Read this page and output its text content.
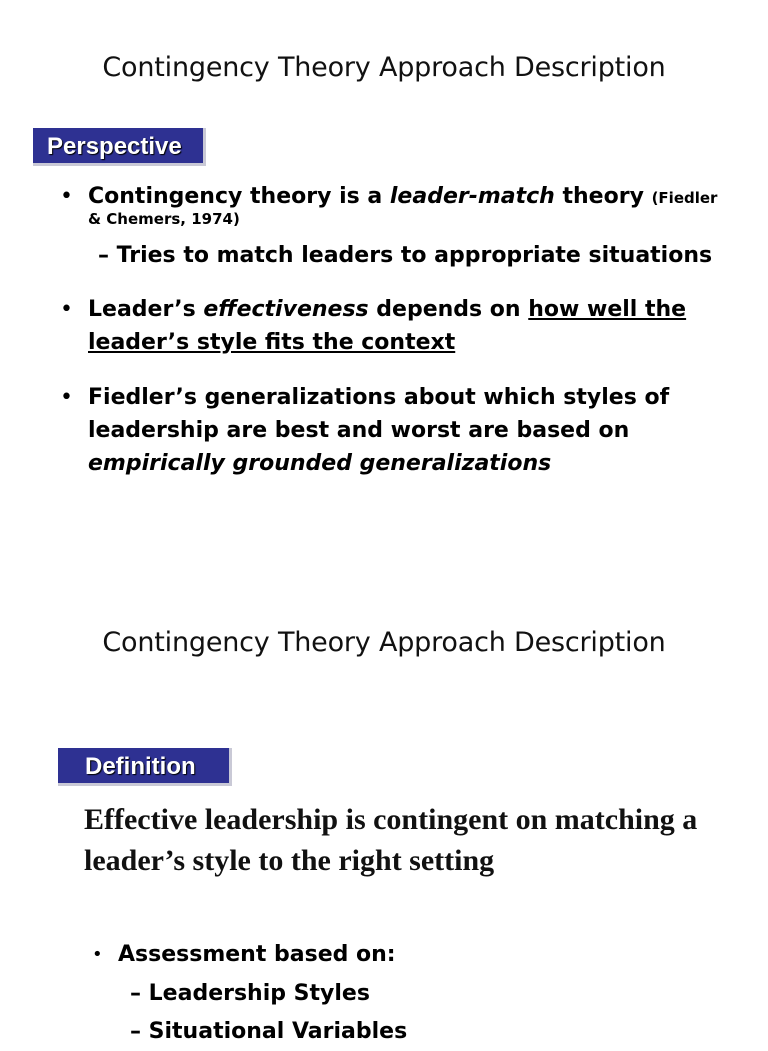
Contingency Theory Approach Description
Perspective
• Contingency theory is a leader-match theory (Fiedler
& Chemers, 1974)
– Tries to match leaders to appropriate situations
• Leader’s effectiveness depends on how well the
leader’s style fits the context
• Fiedler’s generalizations about which styles of
leadership are best and worst are based on
empirically grounded generalizations
Contingency Theory Approach Description
Definition
Effective leadership is contingent on matching a leader’s style to the right setting
• Assessment based on:
– Leadership Styles
– Situational Variables
